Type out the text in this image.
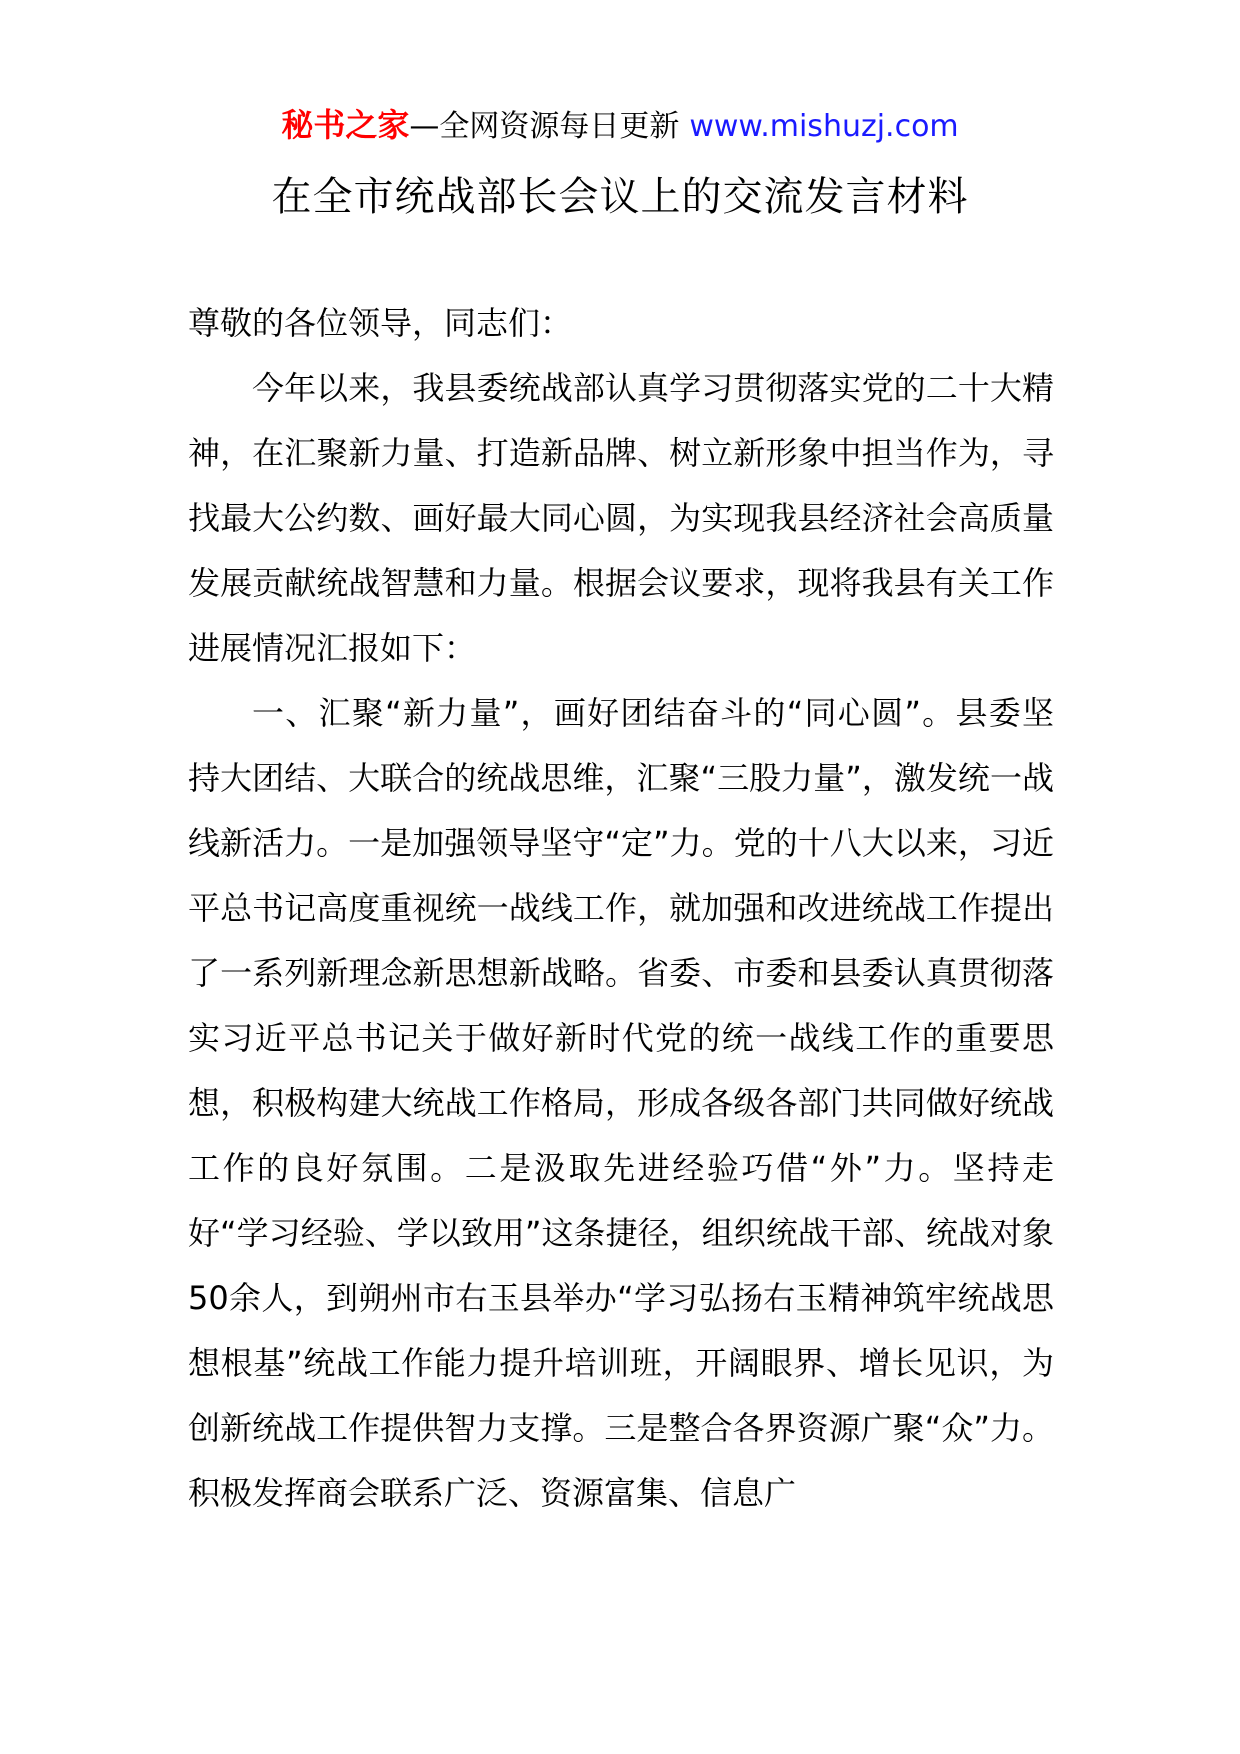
秘书之家—全网资源每日更新 www.mishuzj.com
在全市统战部长会议上的交流发言材料

尊敬的各位领导，同志们：

今年以来，我县委统战部认真学习贯彻落实党的二十大精神，在汇聚新力量、打造新品牌、树立新形象中担当作为，寻找最大公约数、画好最大同心圆，为实现我县经济社会高质量发展贡献统战智慧和力量。根据会议要求，现将我县有关工作进展情况汇报如下：

一、汇聚“新力量”，画好团结奋斗的“同心圆”。县委坚持大团结、大联合的统战思维，汇聚“三股力量”，激发统一战线新活力。一是加强领导坚守“定”力。党的十八大以来，习近平总书记高度重视统一战线工作，就加强和改进统战工作提出了一系列新理念新思想新战略。省委、市委和县委认真贯彻落实习近平总书记关于做好新时代党的统一战线工作的重要思想，积极构建大统战工作格局，形成各级各部门共同做好统战工作的良好氛围。二是汲取先进经验巧借“外”力。坚持走好“学习经验、学以致用”这条捷径，组织统战干部、统战对象50余人，到朔州市右玉县举办“学习弘扬右玉精神筑牢统战思想根基”统战工作能力提升培训班，开阔眼界、增长见识，为创新统战工作提供智力支撑。三是整合各界资源广聚“众”力。积极发挥商会联系广泛、资源富集、信息广
